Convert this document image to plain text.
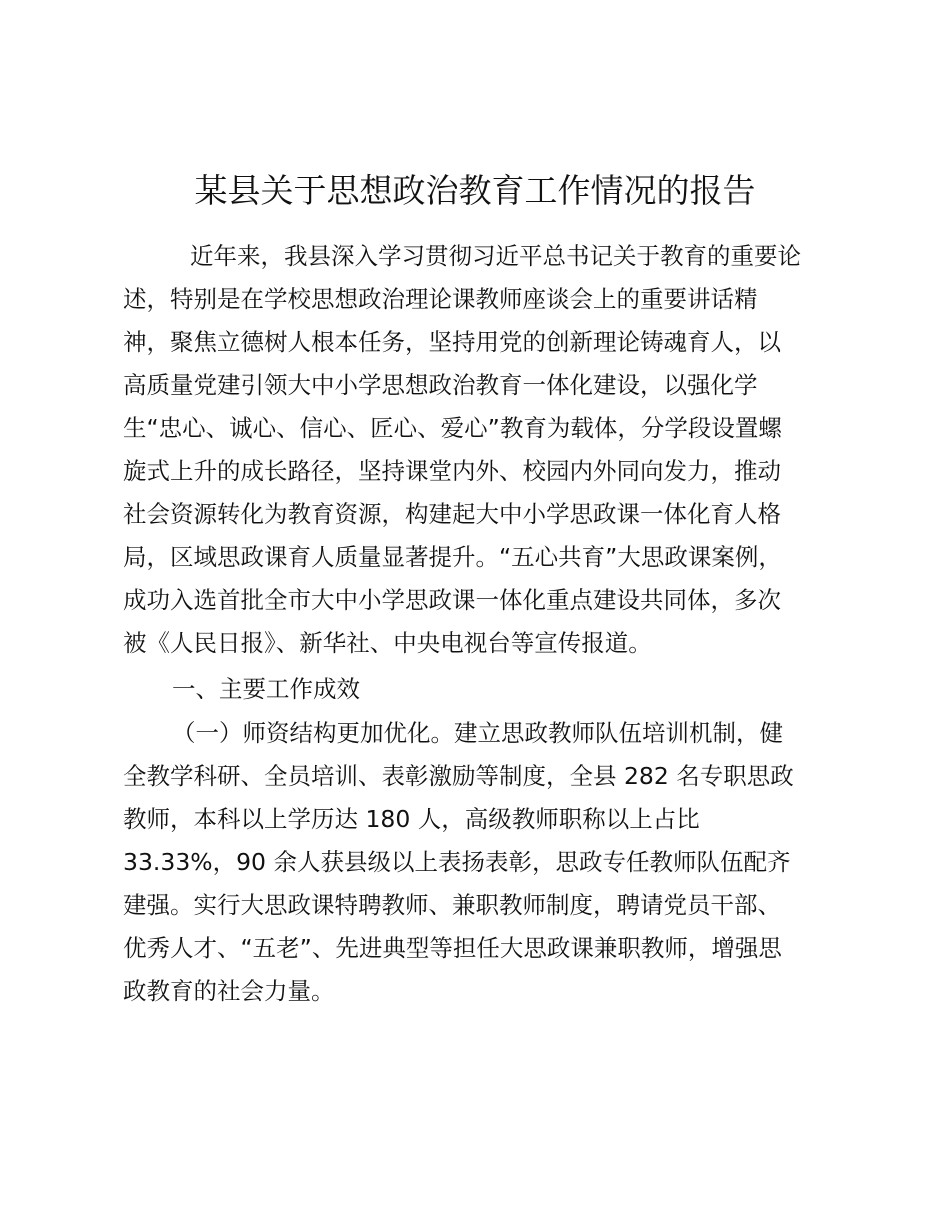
某县关于思想政治教育工作情况的报告
近年来，我县深入学习贯彻习近平总书记关于教育的重要论
述，特别是在学校思想政治理论课教师座谈会上的重要讲话精
神，聚焦立德树人根本任务，坚持用党的创新理论铸魂育人，以
高质量党建引领大中小学思想政治教育一体化建设，以强化学
生“忠心、诚心、信心、匠心、爱心”教育为载体，分学段设置螺
旋式上升的成长路径，坚持课堂内外、校园内外同向发力，推动
社会资源转化为教育资源，构建起大中小学思政课一体化育人格
局，区域思政课育人质量显著提升。“五心共育”大思政课案例，
成功入选首批全市大中小学思政课一体化重点建设共同体，多次
被《人民日报》、新华社、中央电视台等宣传报道。
一、主要工作成效
（一）师资结构更加优化。建立思政教师队伍培训机制，健
全教学科研、全员培训、表彰激励等制度，全县 282 名专职思政
教师，本科以上学历达 180 人，高级教师职称以上占比
33.33%，90 余人获县级以上表扬表彰，思政专任教师队伍配齐
建强。实行大思政课特聘教师、兼职教师制度，聘请党员干部、
优秀人才、“五老”、先进典型等担任大思政课兼职教师，增强思
政教育的社会力量。
